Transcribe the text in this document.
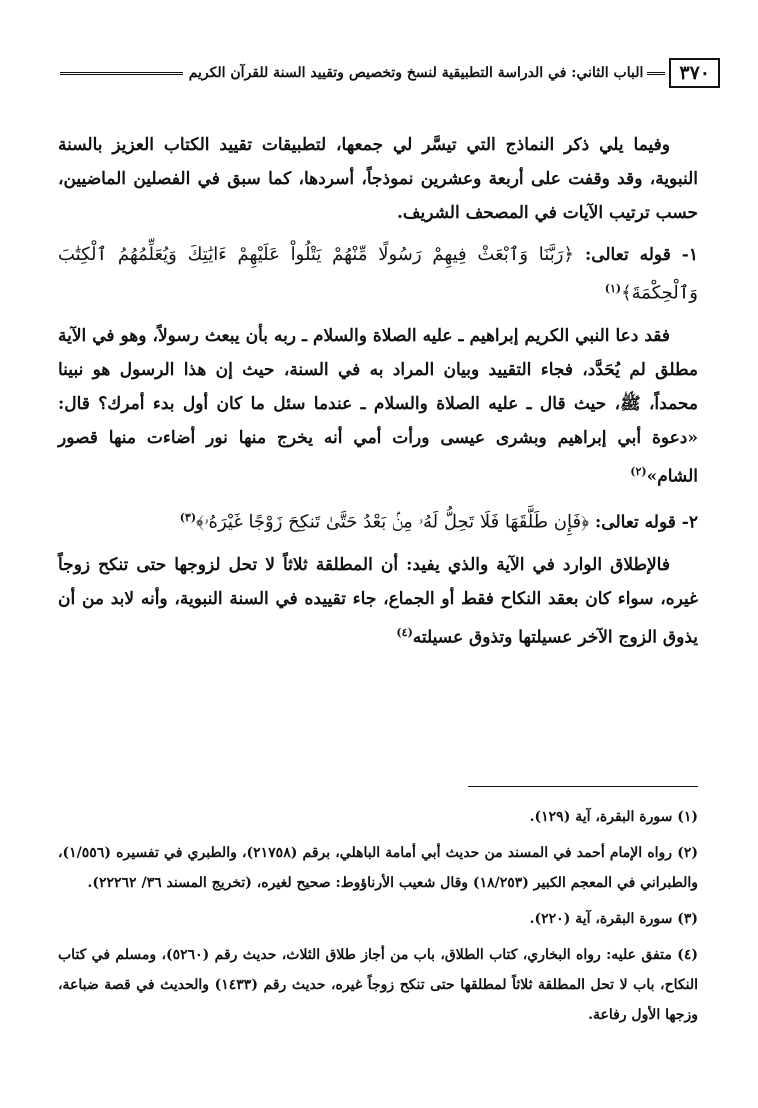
٣٧٠
الباب الثاني: في الدراسة التطبيقية لنسخ وتخصيص وتقييد السنة للقرآن الكريم

وفيما يلي ذكر النماذج التي تيسَّر لي جمعها، لتطبيقات تقييد الكتاب العزيز بالسنة النبوية، وقد وقفت على أربعة وعشرين نموذجاً، أسردها، كما سبق في الفصلين الماضيين، حسب ترتيب الآيات في المصحف الشريف.

١- قوله تعالى: ﴿رَبَّنَا وَٱبْعَثْ فِيهِمْ رَسُولًا مِّنْهُمْ يَتْلُواْ عَلَيْهِمْ ءَايَٰتِكَ وَيُعَلِّمُهُمُ ٱلْكِتَٰبَ وَٱلْحِكْمَةَ﴾$^{(١)}$

فقد دعا النبي الكريم إبراهيم ـ عليه الصلاة والسلام ـ ربه بأن يبعث رسولاً، وهو في الآية مطلق لم يُحَدَّد، فجاء التقييد وبيان المراد به في السنة، حيث إن هذا الرسول هو نبينا محمداً، ﷺ، حيث قال ـ عليه الصلاة والسلام ـ عندما سئل ما كان أول بدء أمرك؟ قال: «دعوة أبي إبراهيم وبشرى عيسى ورأت أمي أنه يخرج منها نور أضاءت منها قصور الشام»$^{(٢)}$

٢- قوله تعالى: ﴿فَإِن طَلَّقَهَا فَلَا تَحِلُّ لَهُۥ مِنۢ بَعْدُ حَتَّىٰ تَنكِحَ زَوْجًا غَيْرَهُۥ﴾$^{(٣)}$

فالإطلاق الوارد في الآية والذي يفيد: أن المطلقة ثلاثاً لا تحل لزوجها حتى تنكح زوجاً غيره، سواء كان بعقد النكاح فقط أو الجماع، جاء تقييده في السنة النبوية، وأنه لابد من أن يذوق الزوج الآخر عسيلتها وتذوق عسيلته$^{(٤)}$

(١) سورة البقرة، آية (١٢٩).

(٢) رواه الإمام أحمد في المسند من حديث أبي أمامة الباهلي، برقم (٢١٧٥٨)، والطبري في تفسيره (١/٥٥٦)، والطبراني في المعجم الكبير (١٨/٢٥٣) وقال شعيب الأرناؤوط: صحيح لغيره، (تخريج المسند ٣٦/ ٢٢٢٦٢).

(٣) سورة البقرة، آية (٢٢٠).

(٤) متفق عليه: رواه البخاري، كتاب الطلاق، باب من أجاز طلاق الثلاث، حديث رقم (٥٢٦٠)، ومسلم في كتاب النكاح، باب لا تحل المطلقة ثلاثاً لمطلقها حتى تنكح زوجاً غيره، حديث رقم (١٤٣٣) والحديث في قصة ضباعة، وزجها الأول رفاعة.
